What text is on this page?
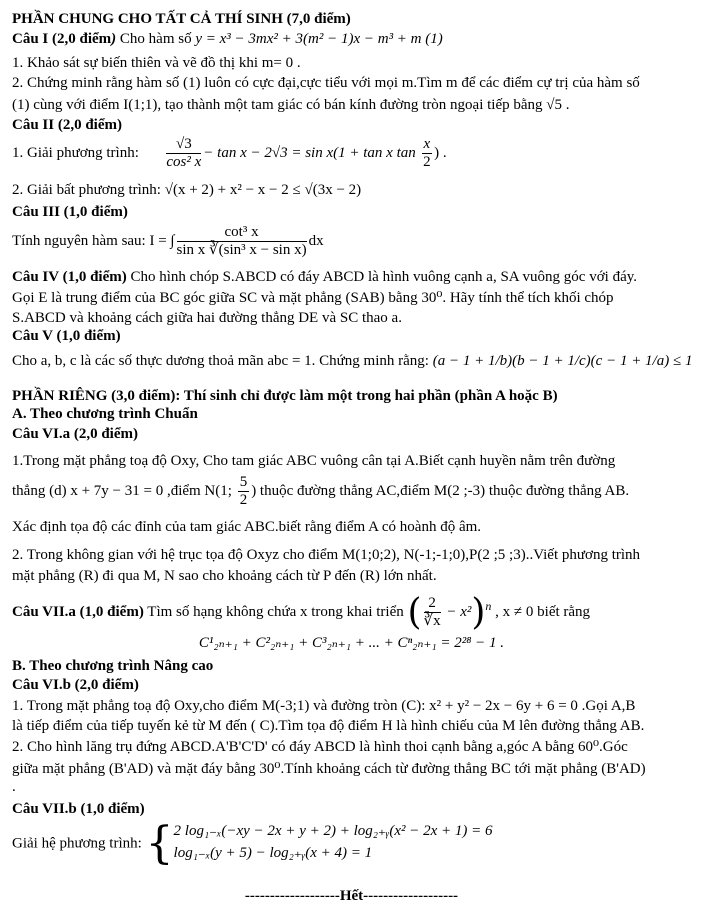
PHẦN CHUNG CHO TẤT CẢ THÍ SINH (7,0 điểm)
Câu I (2,0 điểm) Cho hàm số y = x³ − 3mx² + 3(m² − 1)x − m³ + m (1)
1. Khảo sát sự biến thiên và vẽ đồ thị khi m= 0 .
2. Chứng minh rằng hàm số (1) luôn có cực đại,cực tiểu với mọi m.Tìm m để các điểm cự trị của hàm số
(1) cùng với điểm I(1;1), tạo thành một tam giác có bán kính đường tròn ngoại tiếp bằng √5 .
Câu II (2,0 điểm)
1. Giải phương trình: $\frac{√3}{\text{cos² x}} - \tan x - 2√3 = \sin x(1 + \tan x$ $\tan \frac{x}{2}$ ) .
2. Giải bất phương trình: √(x + 2) + x² − x − 2 ≤ √(3x − 2)
Câu III (1,0 điểm)
Tính nguyên hàm sau: I = ∫ $\frac{\text{cot³ x}}{\text{sin x ∛(sin³ x − sin x)}}$ dx
Câu IV (1,0 điểm) Cho hình chóp S.ABCD có đáy ABCD là hình vuông cạnh a, SA vuông góc với đáy.
Gọi E là trung điểm của BC góc giữa SC và mặt phẳng (SAB) bằng 30⁰. Hãy tính thể tích khối chóp
S.ABCD và khoảng cách giữa hai đường thẳng DE và SC thao a.
Câu V (1,0 điểm)
Cho a, b, c là các số thực dương thoả mãn abc = 1. Chứng minh rằng: (a − 1 + 1/b)(b − 1 + 1/c)(c − 1 + 1/a) ≤ 1
PHẦN RIÊNG (3,0 điểm): Thí sinh chỉ được làm một trong hai phần (phần A hoặc B)
A. Theo chương trình Chuẩn
Câu VI.a (2,0 điểm)
1.Trong mặt phẳng toạ độ Oxy, Cho tam giác ABC vuông cân tại A.Biết cạnh huyền nằm trên đường
thẳng (d) x + 7y − 31 = 0 ,điểm N(1; $\frac{5}{2}$ ) thuộc đường thẳng AC,điểm M(2 ;-3) thuộc đường thẳng AB.
Xác định tọa độ các đỉnh của tam giác ABC.biết rằng điểm A có hoành độ âm.
2. Trong không gian với hệ trục tọa độ Oxyz cho điểm M(1;0;2), N(-1;-1;0),P(2 ;5 ;3)..Viết phương trình
mặt phẳng (R) đi qua M, N sao cho khoảng cách từ P đến (R) lớn nhất.
Câu VII.a (1,0 điểm) Tìm số hạng không chứa x trong khai triển ( $\frac{2}{∛x} - x^2)^n$ , x ≠ 0 biết rằng
C¹₂ₙ₊₁ + C²₂ₙ₊₁ + C³₂ₙ₊₁ + ... + Cⁿ₂ₙ₊₁ = 2²⁸ − 1 .
B. Theo chương trình Nâng cao
Câu VI.b (2,0 điểm)
1. Trong mặt phẳng toạ độ Oxy,cho điểm M(-3;1) và đường tròn (C): x² + y² − 2x − 6y + 6 = 0 .Gọi A,B
là tiếp điểm của tiếp tuyến kẻ từ M đến ( C).Tìm tọa độ điểm H là hình chiếu của M lên đường thẳng AB.
2. Cho hình lăng trụ đứng ABCD.A'B'C'D' có đáy ABCD là hình thoi cạnh bằng a,góc A bằng 60⁰.Góc
giữa mặt phẳng (B'AD) và mặt đáy bằng 30⁰.Tính khoảng cách từ đường thẳng BC tới mặt phẳng (B'AD)
.
Câu VII.b (1,0 điểm)
Giải hệ phương trình: { 2 log₁₋ₓ(−xy − 2x + y + 2) + log₂₊ᵧ(x² − 2x + 1) = 6
log₁₋ₓ(y + 5) − log₂₊ᵧ(x + 4) = 1
-------------------Hết-------------------
